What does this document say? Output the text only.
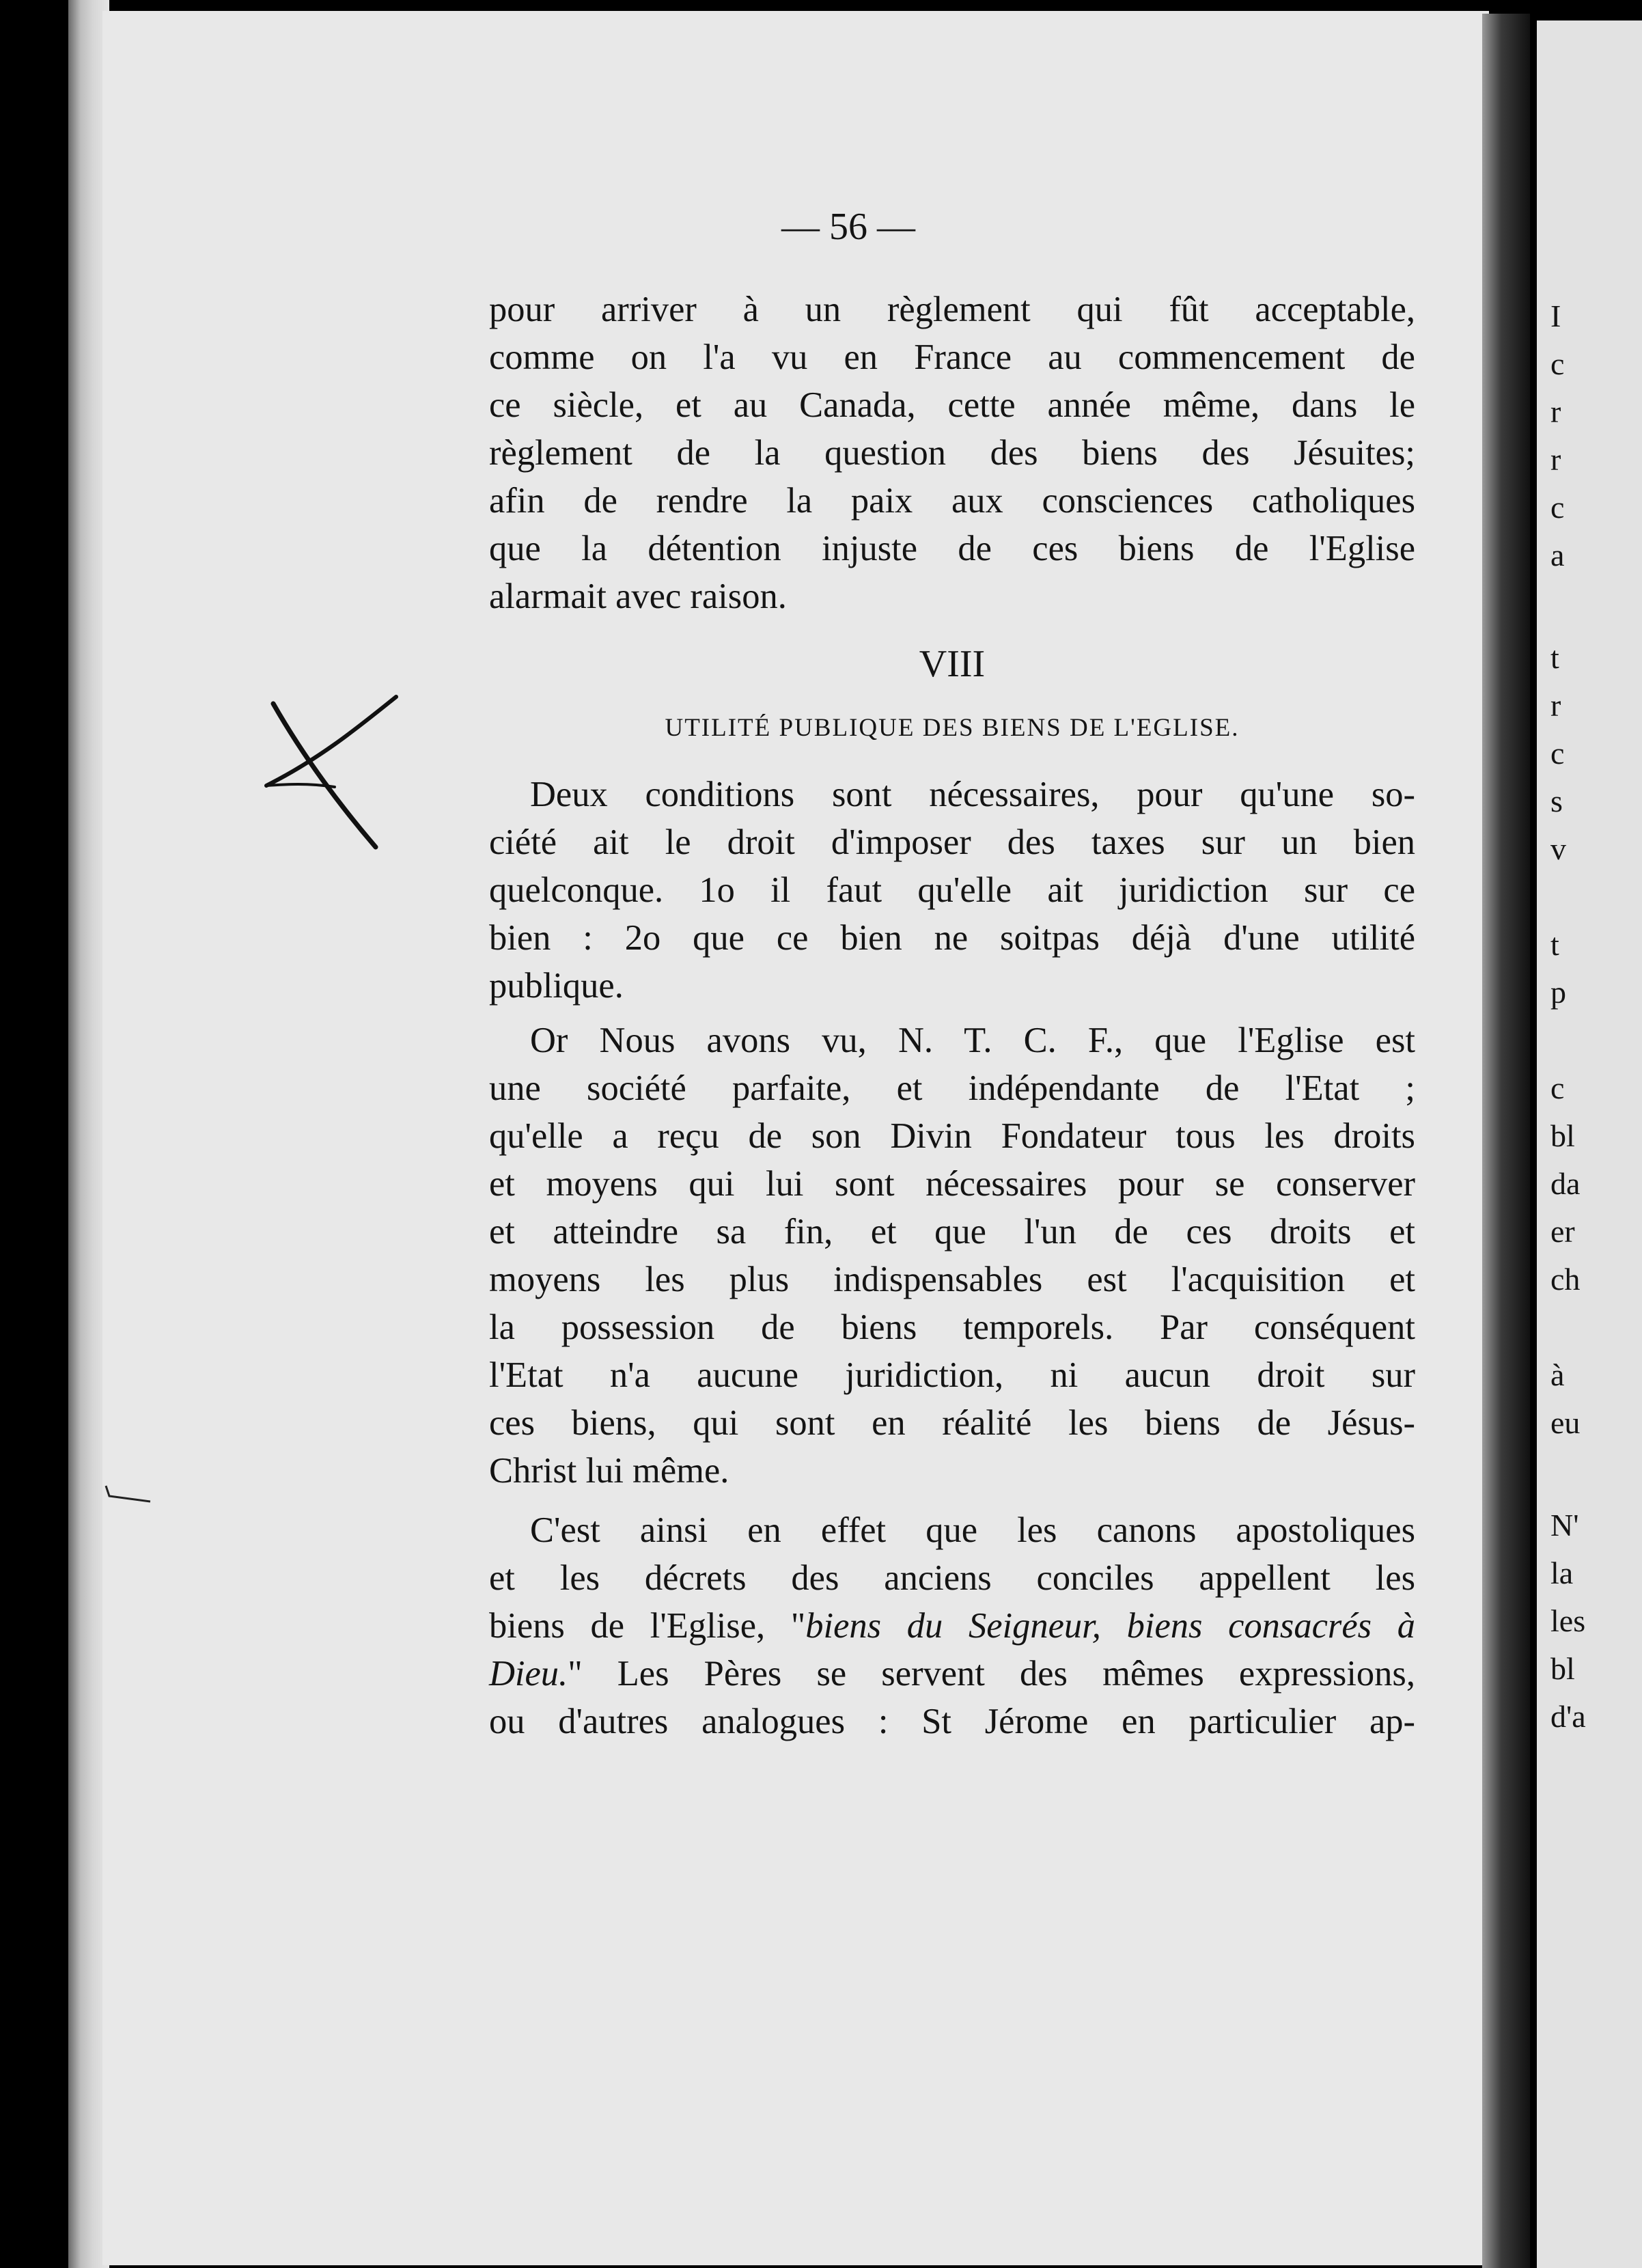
I
c
r
r
c
a
t
r
c
s
v
t
p
c
bl
da
er
ch
à
eu
N'
la
les
bl
d'a
— 56 —
pour arriver à un règlement qui fût acceptable,
comme on l'a vu en France au commencement de
ce siècle, et au Canada, cette année même, dans le
règlement de la question des biens des Jésuites;
afin de rendre la paix aux consciences catholiques
que la détention injuste de ces biens de l'Eglise
alarmait avec raison.
VIII
UTILITÉ PUBLIQUE DES BIENS DE L'EGLISE.
Deux conditions sont nécessaires, pour qu'une so-
ciété ait le droit d'imposer des taxes sur un bien
quelconque. 1o il faut qu'elle ait juridiction sur ce
bien : 2o que ce bien ne soitpas déjà d'une utilité
publique.
Or Nous avons vu, N. T. C. F., que l'Eglise est
une société parfaite, et indépendante de l'Etat ;
qu'elle a reçu de son Divin Fondateur tous les droits
et moyens qui lui sont nécessaires pour se conserver
et atteindre sa fin, et que l'un de ces droits et
moyens les plus indispensables est l'acquisition et
la possession de biens temporels. Par conséquent
l'Etat n'a aucune juridiction, ni aucun droit sur
ces biens, qui sont en réalité les biens de Jésus-
Christ lui même.
C'est ainsi en effet que les canons apostoliques
et les décrets des anciens conciles appellent les
biens de l'Eglise, "biens du Seigneur, biens consacrés à
Dieu." Les Pères se servent des mêmes expressions,
ou d'autres analogues : St Jérome en particulier ap-
